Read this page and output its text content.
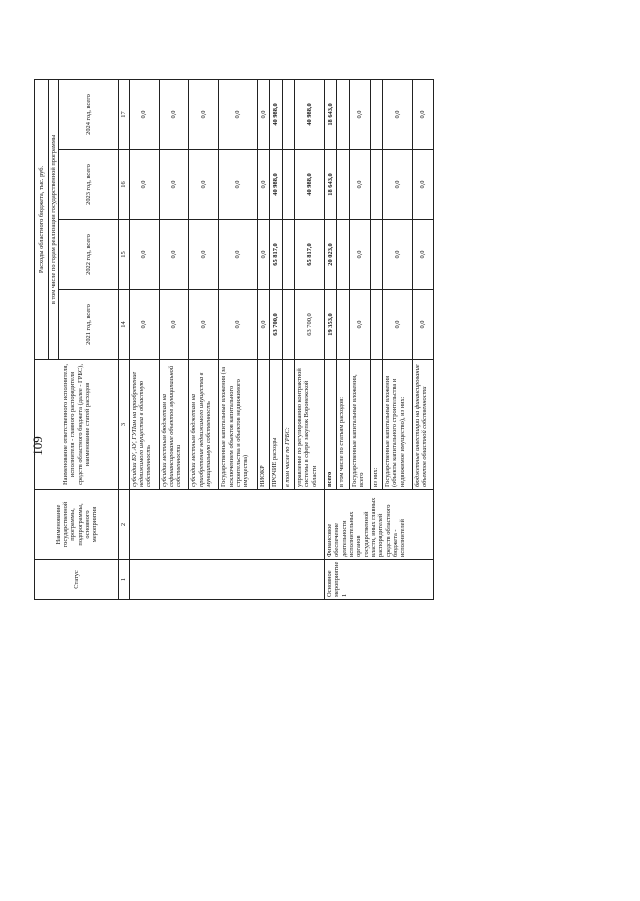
109
Статус	Наименование государственной программы, подпрограммы, основного мероприятия	Наименование ответственного исполнителя, исполнителя - главного распорядителя средств областного бюджета (далее - ГРБС), наименование статей расходов	Расходы областного бюджета, тыс. руб.			
			в том числе по годам реализации государственной программы			
			2021 год, всего	2022 год, всего	2023 год, всего	2024 год, всего
1	2	3	14	15	16	17
		субсидии БУ, АУ, ГУПам на приобретение недвижимого имущества в областную собственность	0,0	0,0	0,0	0,0
		субсидии местным бюджетам на софинансирование объектов муниципальной собственности	0,0	0,0	0,0	0,0
		субсидии местным бюджетам на приобретение недвижимого имущества в муниципальную собственность	0,0	0,0	0,0	0,0
		Государственные капитальные вложения (за исключением объектов капитального строительства и объектов недвижимого имущества)	0,0	0,0	0,0	0,0
		НИОКР	0,0	0,0	0,0	0,0
		ПРОЧИЕ расходы	63 700,0	65 817,0	40 988,0	40 988,0
		в том числе по ГРБС:				
		управление по регулированию контрактной системы в сфере закупок Воронежской области	63 700,0	65 817,0	40 988,0	40 988,0
Основное мероприятие 1	Финансовое обеспечение деятельности исполнительных органов государственной власти, иных главных распорядителей средств областного бюджета - исполнителей	всего	19 353,0	20 023,0	18 643,0	18 643,0
		в том числе по статьям расходов:				
		Государственные капитальные вложения, всего	0,0	0,0	0,0	0,0
		из них:				
		Государственные капитальные вложения (объекты капитального строительства и недвижимое имущество), из них:	0,0	0,0	0,0	0,0
		бюджетные инвестиции на финансирование объектов областной собственности	0,0	0,0	0,0	0,0
